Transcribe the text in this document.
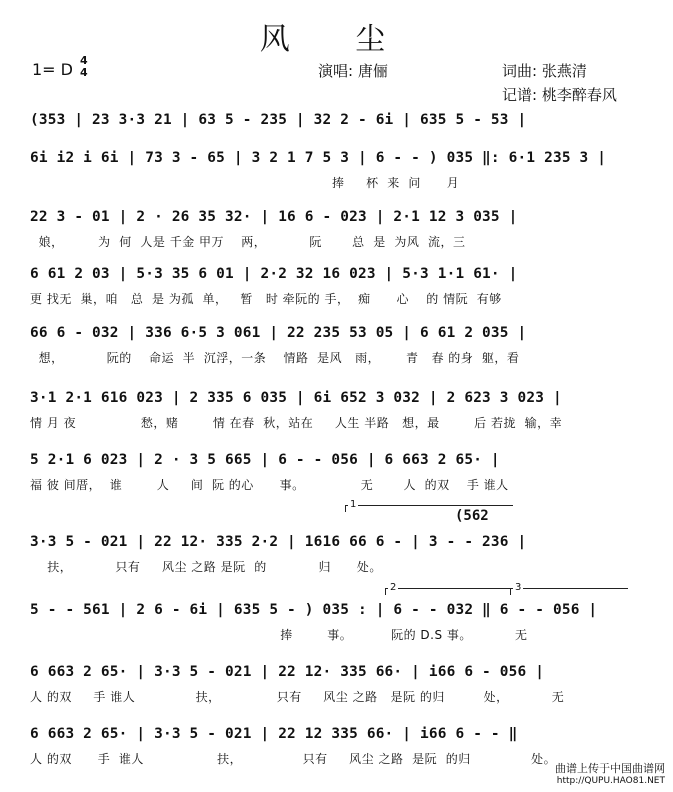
风 尘
1= D 4
4	演唱: 唐俪	词曲: 张燕清
记谱: 桃李醉春风
(353 | 23 3·3 21 | 63 5 - 235 | 32 2 - 6i | 635 5 - 53 |
6i i2 i 6i | 73 3 - 65 | 3 2 1 7 5 3 | 6 - - ) 035 ‖: 6·1 235 3 |
捧     杯  来  问      月
22 3 - 01 | 2 · 26 35 32· | 16 6 - 023 | 2·1 12 3 035 |
娘，        为  何  人是 千金 甲万    两，          阮       总  是  为风  流，三
6 61 2 03 | 5·3 35 6 01 | 2·2 32 16 023 | 5·3 1·1 61· |
更 找无  巢，咱   总  是 为孤  单，   暂   时 牵阮的 手，  痴      心    的 情阮  有够
66 6 - 032 | 336 6·5 3 061 | 22 235 53 05 | 6 61 2 035 |
想，          阮的    命运  半  沉浮，一条    情路  是风   雨，      青   春 的身  躯，看
3·1 2·1 616 023 | 2 335 6 035 | 6i 652 3 032 | 2 623 3 023 |
情 月 夜               愁，赌        情 在春  秋，站在     人生 半路   想，最        后 若拢  输，幸
5 2·1 6 023 | 2 · 3 5 665 | 6 - - 056 | 6 663 2 65· |
福 彼 间厝，  谁        人     间  阮 的心      事。             无       人  的双    手 谁人
1
(562
3·3 5 - 021 | 22 12· 335 2·2 | 1616 66 6 - | 3 - - 236 |
扶，          只有     风尘 之路 是阮  的            归      处。
2	3
5 - - 561 | 2 6 - 6i | 635 5 - ) 035 : | 6 - - 032 ‖ 6 - - 056 |
捧        事。         阮的 D.S 事。          无
6 663 2 65· | 3·3 5 - 021 | 22 12· 335 66· | i66 6 - 056 |
人 的双     手 谁人              扶，             只有     风尘 之路   是阮 的归         处，          无
6 663 2 65· | 3·3 5 - 021 | 22 12 335 66· | i66 6 - - ‖
人 的双      手  谁人                 扶，              只有     风尘 之路  是阮  的归              处。
曲谱上传于中国曲谱网
http://QUPU.HAO81.NET
